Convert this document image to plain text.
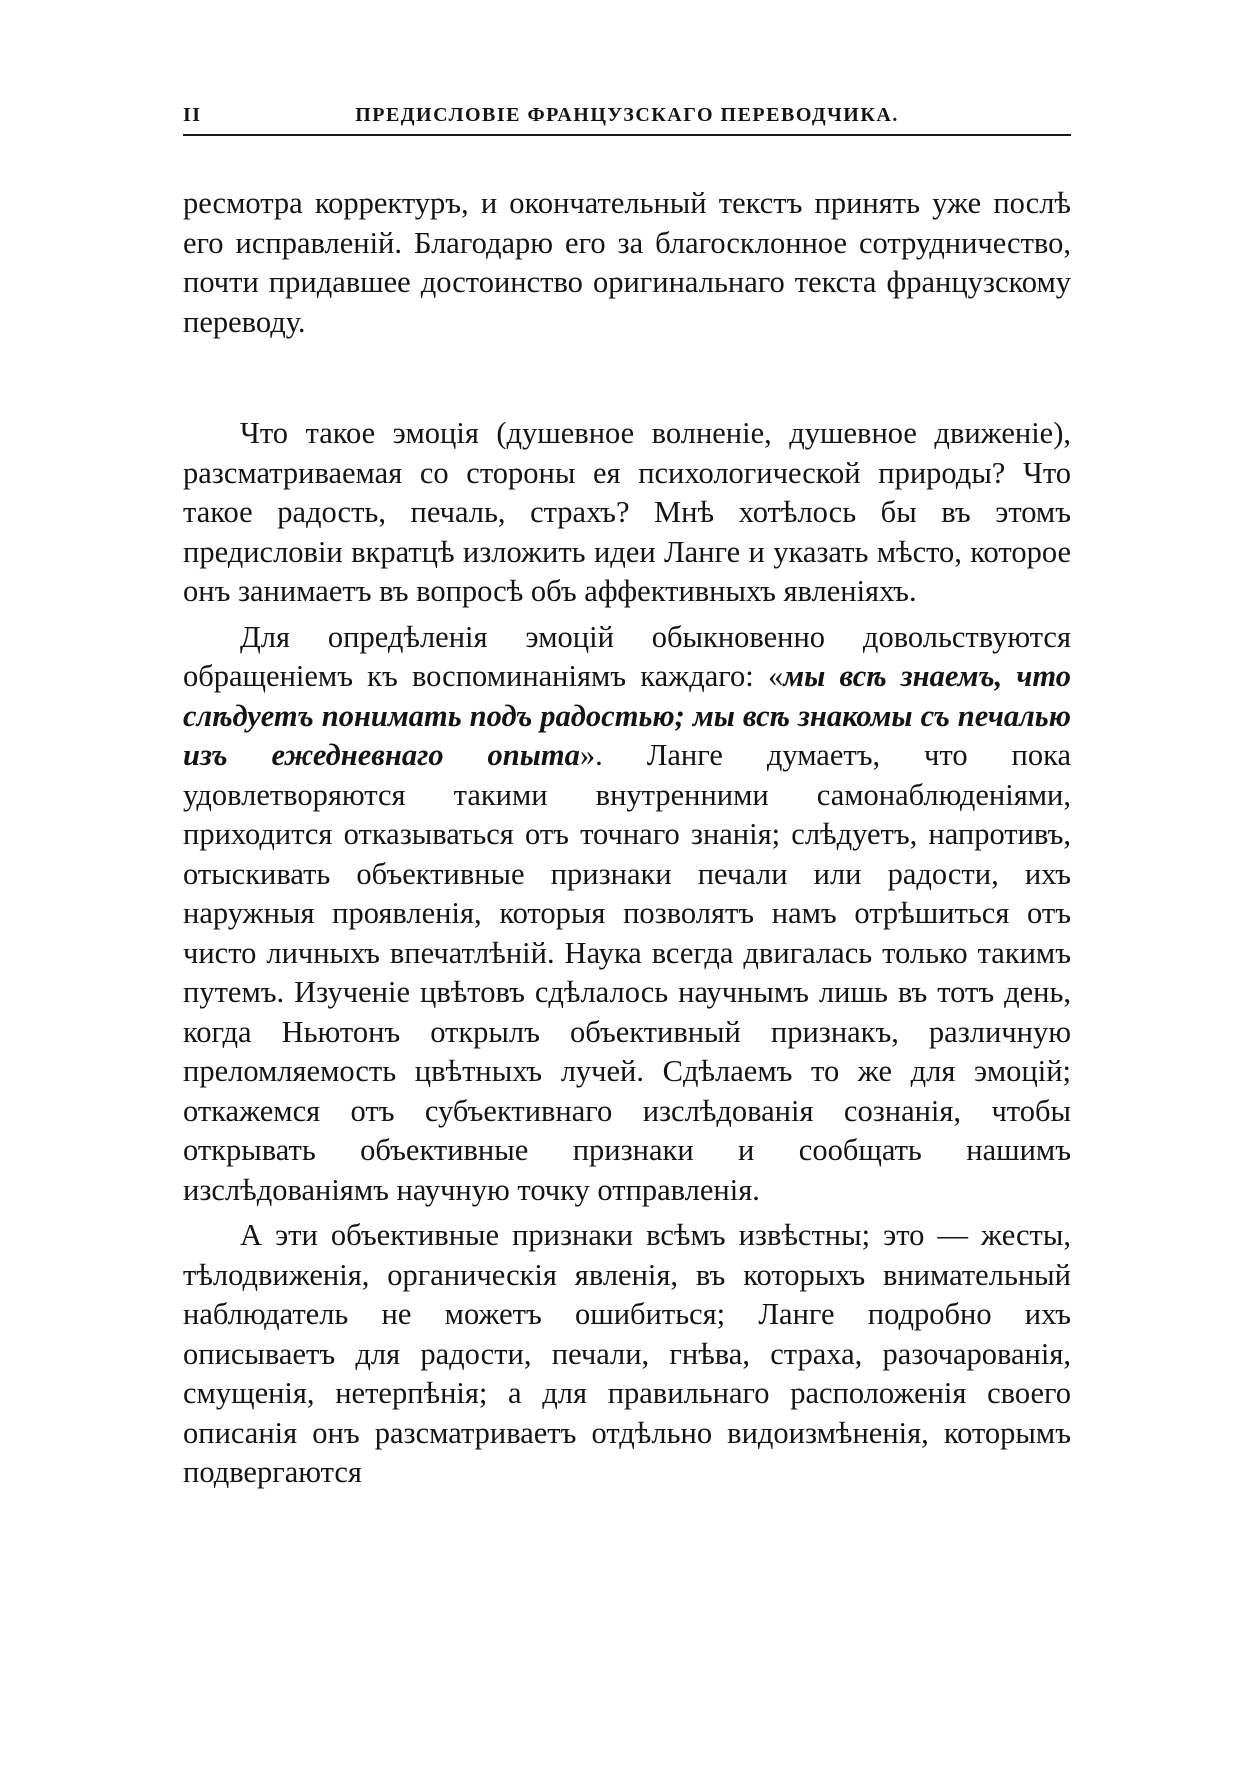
II	ПРЕДИСЛОВІЕ ФРАНЦУЗСКАГО ПЕРЕВОДЧИКА.

ресмотра корректуръ, и окончательный текстъ принять уже послѣ его исправленій. Благодарю его за благосклонное сотрудничество, почти придавшее достоинство оригинальнаго текста французскому переводу.

Что такое эмоція (душевное волненіе, душевное движеніе), разсматриваемая со стороны ея психологической природы? Что такое радость, печаль, страхъ? Мнѣ хотѣлось бы въ этомъ предисловіи вкратцѣ изложить идеи Ланге и указать мѣсто, которое онъ занимаетъ въ вопросѣ объ аффективныхъ явленіяхъ.

Для опредѣленія эмоцій обыкновенно довольствуются обращеніемъ къ воспоминаніямъ каждаго: «мы всѣ знаемъ, что слѣдуетъ понимать подъ радостью; мы всѣ знакомы съ печалью изъ ежедневнаго опыта». Ланге думаетъ, что пока удовлетворяются такими внутренними самонаблюденіями, приходится отказываться отъ точнаго знанія; слѣдуетъ, напротивъ, отыскивать объективные признаки печали или радости, ихъ наружныя проявленія, которыя позволятъ намъ отрѣшиться отъ чисто личныхъ впечатлѣній. Наука всегда двигалась только такимъ путемъ. Изученіе цвѣтовъ сдѣлалось научнымъ лишь въ тотъ день, когда Ньютонъ открылъ объективный признакъ, различную преломляемость цвѣтныхъ лучей. Сдѣлаемъ то же для эмоцій; откажемся отъ субъективнаго изслѣдованія сознанія, чтобы открывать объективные признаки и сообщать нашимъ изслѣдованіямъ научную точку отправленія.

А эти объективные признаки всѣмъ извѣстны; это — жесты, тѣлодвиженія, органическія явленія, въ которыхъ внимательный наблюдатель не можетъ ошибиться; Ланге подробно ихъ описываетъ для радости, печали, гнѣва, страха, разочарованія, смущенія, нетерпѣнія; а для правильнаго расположенія своего описанія онъ разсматриваетъ отдѣльно видоизмѣненія, которымъ подвергаются
